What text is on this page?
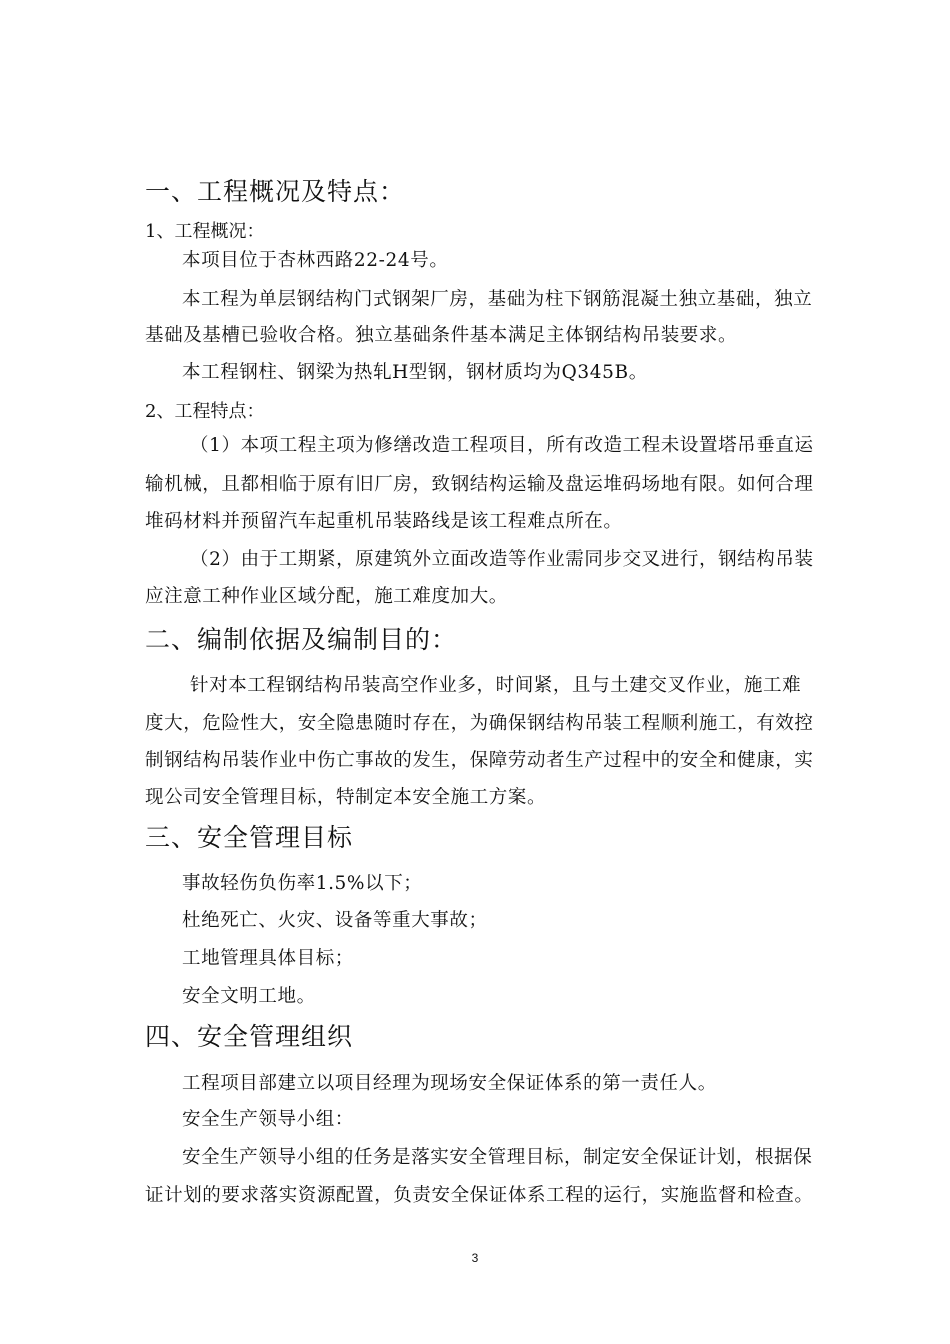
一、工程概况及特点：
1、工程概况：
本项目位于杏林西路22-24号。
本工程为单层钢结构门式钢架厂房，基础为柱下钢筋混凝土独立基础，独立
基础及基槽已验收合格。独立基础条件基本满足主体钢结构吊装要求。
本工程钢柱、钢梁为热轧H型钢，钢材质均为Q345B。
2、工程特点：
（1）本项工程主项为修缮改造工程项目，所有改造工程未设置塔吊垂直运
输机械，且都相临于原有旧厂房，致钢结构运输及盘运堆码场地有限。如何合理
堆码材料并预留汽车起重机吊装路线是该工程难点所在。
（2）由于工期紧，原建筑外立面改造等作业需同步交叉进行，钢结构吊装
应注意工种作业区域分配，施工难度加大。
二、编制依据及编制目的：
针对本工程钢结构吊装高空作业多，时间紧，且与土建交叉作业，施工难
度大，危险性大，安全隐患随时存在，为确保钢结构吊装工程顺利施工，有效控
制钢结构吊装作业中伤亡事故的发生，保障劳动者生产过程中的安全和健康，实
现公司安全管理目标，特制定本安全施工方案。
三、安全管理目标
事故轻伤负伤率1.5%以下；
杜绝死亡、火灾、设备等重大事故；
工地管理具体目标；
安全文明工地。
四、安全管理组织
工程项目部建立以项目经理为现场安全保证体系的第一责任人。
安全生产领导小组：
安全生产领导小组的任务是落实安全管理目标，制定安全保证计划，根据保
证计划的要求落实资源配置，负责安全保证体系工程的运行，实施监督和检查。
3
